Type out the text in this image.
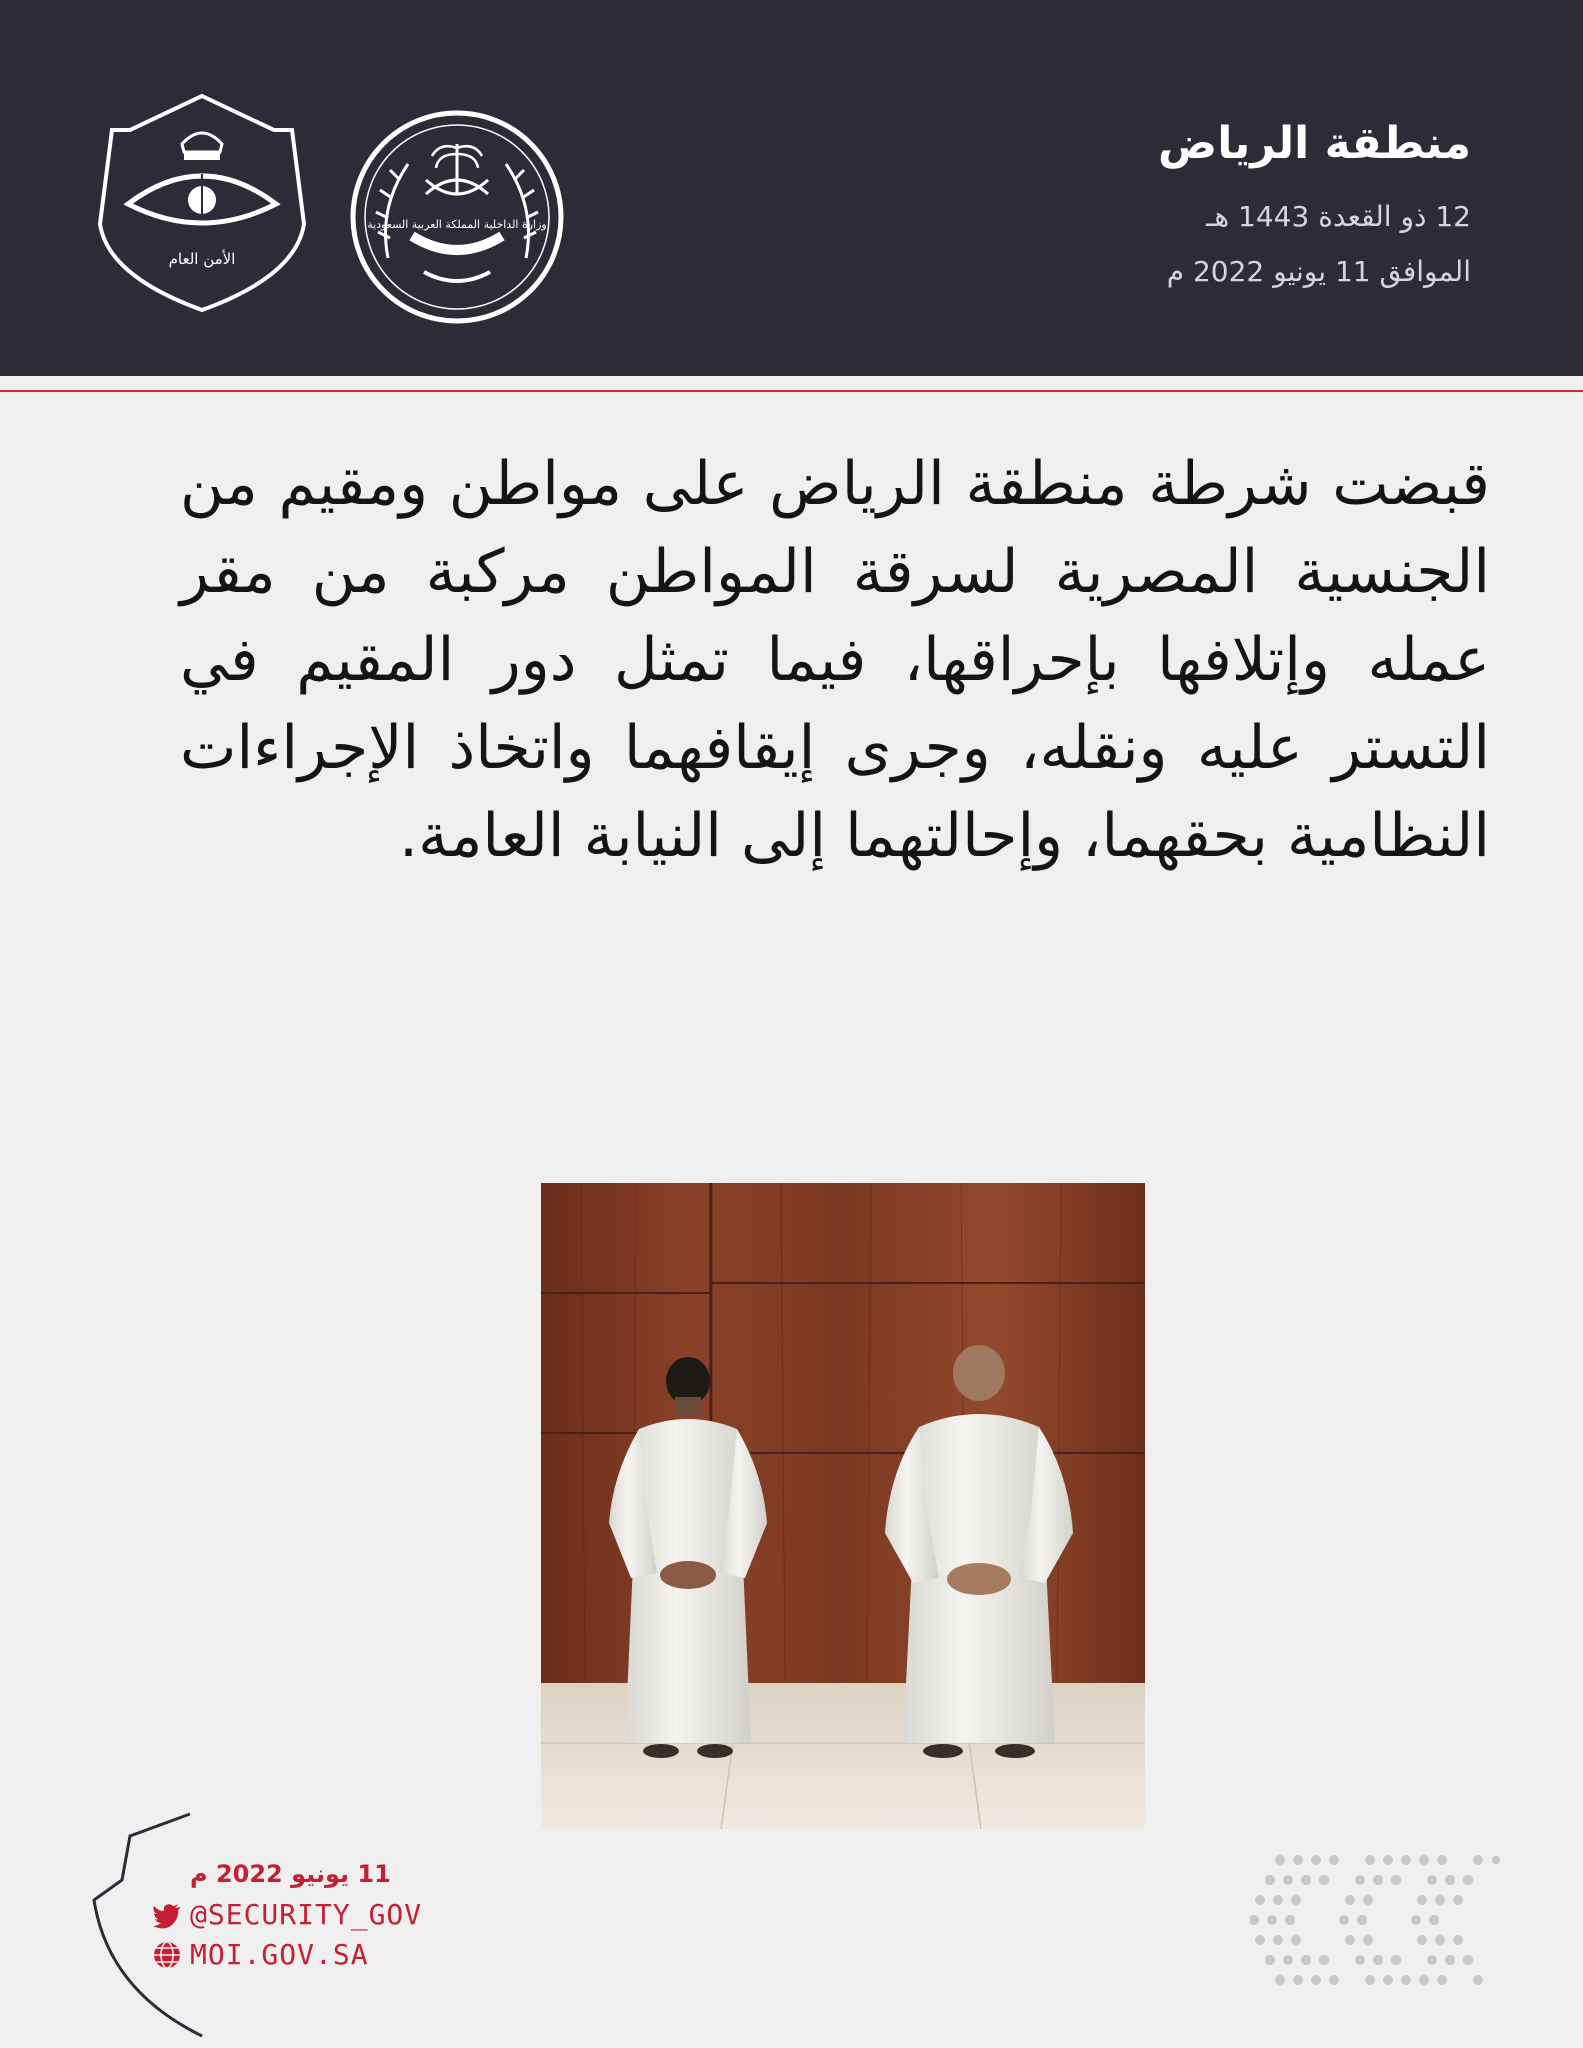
الأمن العام
وزارة الداخلية المملكة العربية السعودية
منطقة الرياض
12 ذو القعدة 1443 هـ
الموافق 11 يونيو 2022 م
قبضت شرطة منطقة الرياض على مواطن ومقيم من الجنسية المصرية لسرقة المواطن مركبة من مقر عمله وإتلافها بإحراقها، فيما تمثل دور المقيم في التستر عليه ونقله، وجرى إيقافهما واتخاذ الإجراءات النظامية بحقهما، وإحالتهما إلى النيابة العامة.
11 يونيو 2022 م
@SECURITY_GOV
MOI.GOV.SA
